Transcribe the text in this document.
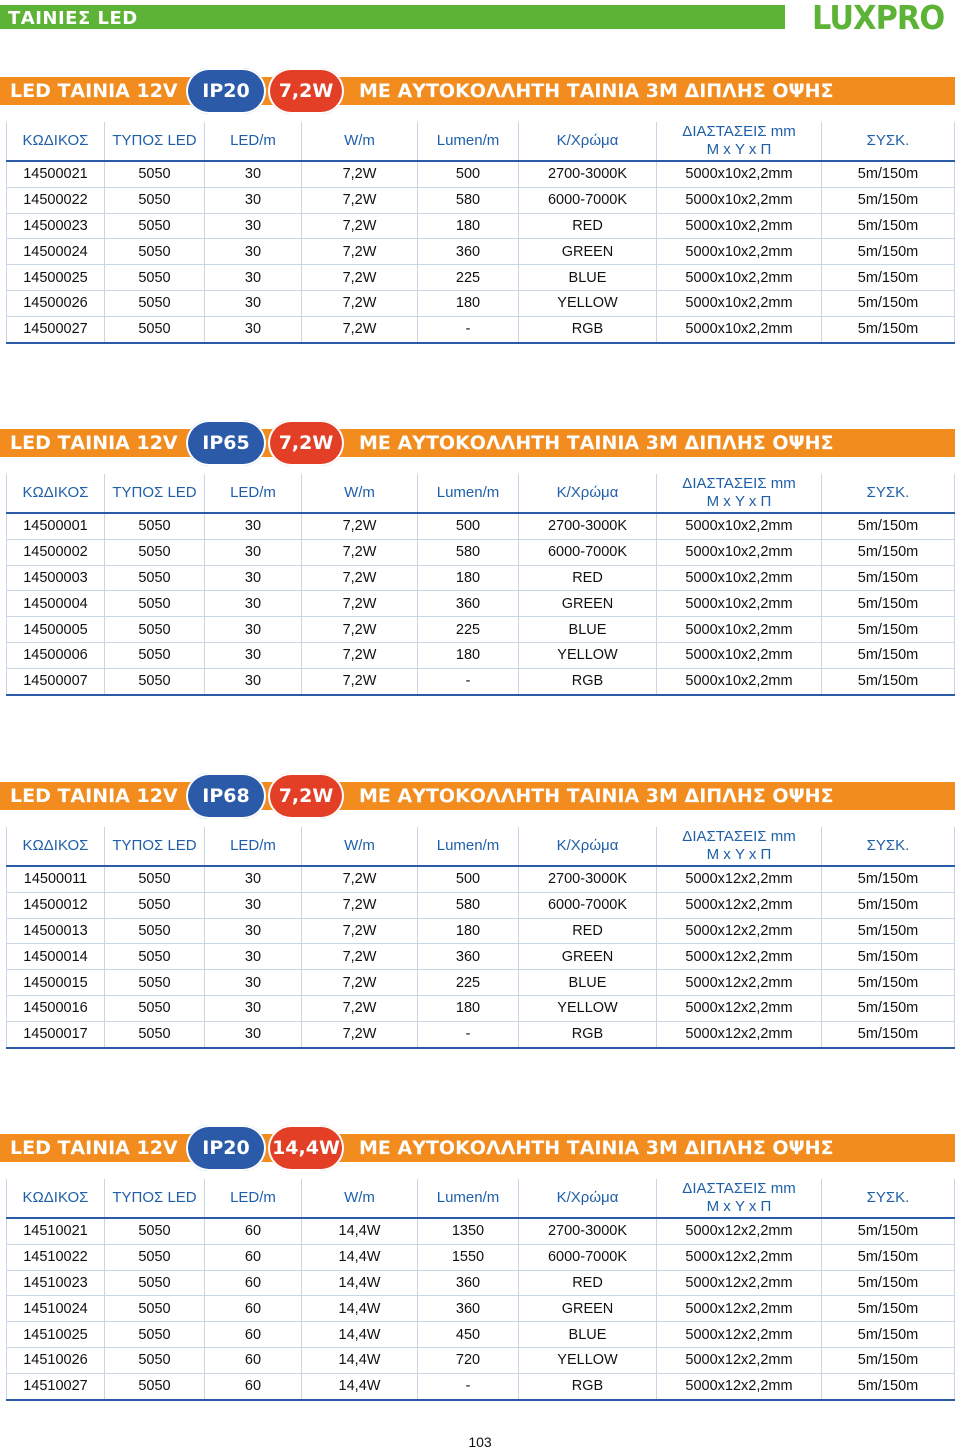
ΤΑΙΝΙΕΣ LED	LUXPRO
LED ΤΑΙΝΙΑ 12V	IP20	7,2W	ΜΕ ΑΥΤΟΚΟΛΛΗΤΗ ΤΑΙΝΙΑ 3M ΔΙΠΛΗΣ ΟΨΗΣ
ΚΩΔΙΚΟΣ	ΤΥΠΟΣ LED	LED/m	W/m	Lumen/m	Κ/Χρώμα	ΔΙΑΣΤΑΣΕΙΣ mm
Μ x Υ x Π	ΣΥΣΚ.
14500021	5050	30	7,2W	500	2700-3000K	5000x10x2,2mm	5m/150m
14500022	5050	30	7,2W	580	6000-7000K	5000x10x2,2mm	5m/150m
14500023	5050	30	7,2W	180	RED	5000x10x2,2mm	5m/150m
14500024	5050	30	7,2W	360	GREEN	5000x10x2,2mm	5m/150m
14500025	5050	30	7,2W	225	BLUE	5000x10x2,2mm	5m/150m
14500026	5050	30	7,2W	180	YELLOW	5000x10x2,2mm	5m/150m
14500027	5050	30	7,2W	-	RGB	5000x10x2,2mm	5m/150m
LED ΤΑΙΝΙΑ 12V	IP65	7,2W	ΜΕ ΑΥΤΟΚΟΛΛΗΤΗ ΤΑΙΝΙΑ 3M ΔΙΠΛΗΣ ΟΨΗΣ
ΚΩΔΙΚΟΣ	ΤΥΠΟΣ LED	LED/m	W/m	Lumen/m	Κ/Χρώμα	ΔΙΑΣΤΑΣΕΙΣ mm
Μ x Υ x Π	ΣΥΣΚ.
14500001	5050	30	7,2W	500	2700-3000K	5000x10x2,2mm	5m/150m
14500002	5050	30	7,2W	580	6000-7000K	5000x10x2,2mm	5m/150m
14500003	5050	30	7,2W	180	RED	5000x10x2,2mm	5m/150m
14500004	5050	30	7,2W	360	GREEN	5000x10x2,2mm	5m/150m
14500005	5050	30	7,2W	225	BLUE	5000x10x2,2mm	5m/150m
14500006	5050	30	7,2W	180	YELLOW	5000x10x2,2mm	5m/150m
14500007	5050	30	7,2W	-	RGB	5000x10x2,2mm	5m/150m
LED ΤΑΙΝΙΑ 12V	IP68	7,2W	ΜΕ ΑΥΤΟΚΟΛΛΗΤΗ ΤΑΙΝΙΑ 3M ΔΙΠΛΗΣ ΟΨΗΣ
ΚΩΔΙΚΟΣ	ΤΥΠΟΣ LED	LED/m	W/m	Lumen/m	Κ/Χρώμα	ΔΙΑΣΤΑΣΕΙΣ mm
Μ x Υ x Π	ΣΥΣΚ.
14500011	5050	30	7,2W	500	2700-3000K	5000x12x2,2mm	5m/150m
14500012	5050	30	7,2W	580	6000-7000K	5000x12x2,2mm	5m/150m
14500013	5050	30	7,2W	180	RED	5000x12x2,2mm	5m/150m
14500014	5050	30	7,2W	360	GREEN	5000x12x2,2mm	5m/150m
14500015	5050	30	7,2W	225	BLUE	5000x12x2,2mm	5m/150m
14500016	5050	30	7,2W	180	YELLOW	5000x12x2,2mm	5m/150m
14500017	5050	30	7,2W	-	RGB	5000x12x2,2mm	5m/150m
LED ΤΑΙΝΙΑ 12V	IP20	14,4W ΜΕ ΑΥΤΟΚΟΛΛΗΤΗ ΤΑΙΝΙΑ 3M ΔΙΠΛΗΣ ΟΨΗΣ
ΚΩΔΙΚΟΣ	ΤΥΠΟΣ LED	LED/m	W/m	Lumen/m	Κ/Χρώμα	ΔΙΑΣΤΑΣΕΙΣ mm
Μ x Υ x Π	ΣΥΣΚ.
14510021	5050	60	14,4W	1350	2700-3000K	5000x12x2,2mm	5m/150m
14510022	5050	60	14,4W	1550	6000-7000K	5000x12x2,2mm	5m/150m
14510023	5050	60	14,4W	360	RED	5000x12x2,2mm	5m/150m
14510024	5050	60	14,4W	360	GREEN	5000x12x2,2mm	5m/150m
14510025	5050	60	14,4W	450	BLUE	5000x12x2,2mm	5m/150m
14510026	5050	60	14,4W	720	YELLOW	5000x12x2,2mm	5m/150m
14510027	5050	60	14,4W	-	RGB	5000x12x2,2mm	5m/150m
103
